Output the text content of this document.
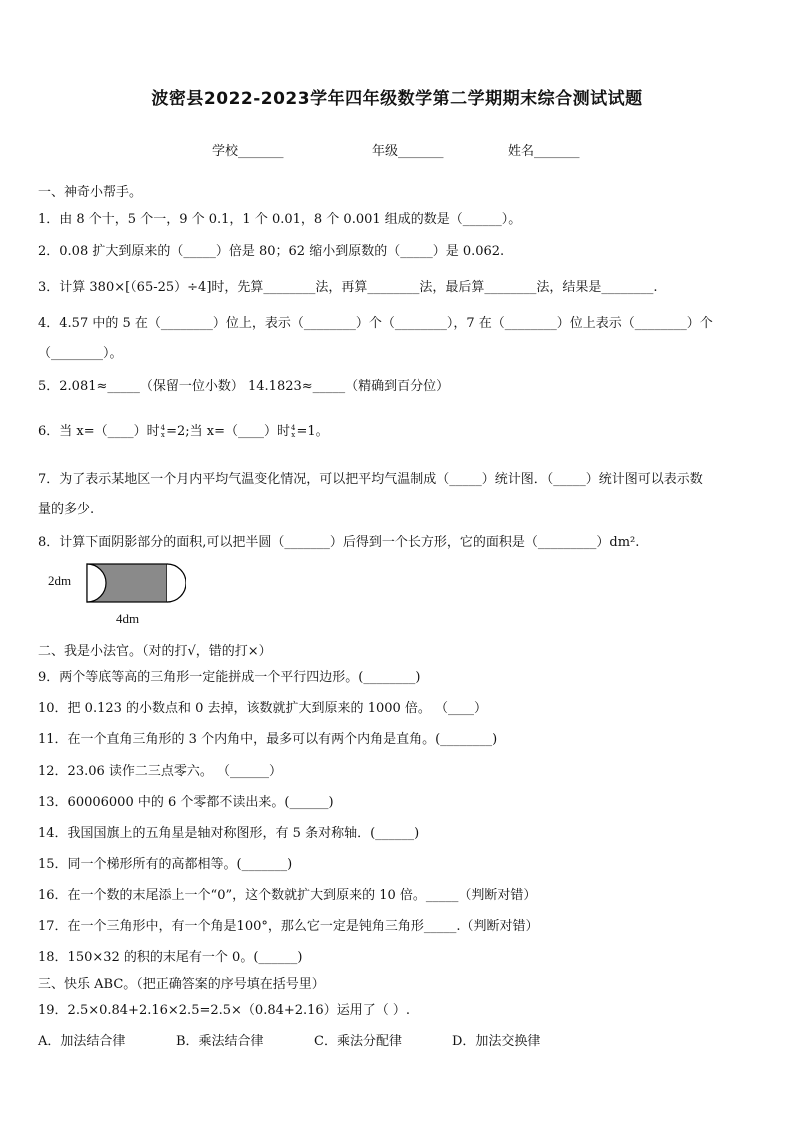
波密县2022-2023学年四年级数学第二学期期末综合测试试题
学校_______	年级_______	姓名_______
一、神奇小帮手。
1．由 8 个十，5 个一，9 个 0.1，1 个 0.01，8 个 0.001 组成的数是（______）。
2．0.08 扩大到原来的（_____）倍是 80；62 缩小到原数的（_____）是 0.062.
3．计算 380×[（65-25）÷4]时，先算________法，再算________法，最后算________法，结果是________.
4．4.57 中的 5 在（________）位上，表示（________）个（________），7 在（________）位上表示（________）个
（________）。
5．2.081≈_____（保留一位小数） 14.1823≈_____（精确到百分位）
6．当 x=（____）时 4
x =2;当 x=（____）时 4
x =1。
7．为了表示某地区一个月内平均气温变化情况，可以把平均气温制成（_____）统计图．（_____）统计图可以表示数
量的多少.
8．计算下面阴影部分的面积,可以把半圆（_______）后得到一个长方形，它的面积是（_________）dm².
2dm
4dm
二、我是小法官。（对的打√，错的打×）
9．两个等底等高的三角形一定能拼成一个平行四边形。(________)
10．把 0.123 的小数点和 0 去掉，该数就扩大到原来的 1000 倍。 （____）
11．在一个直角三角形的 3 个内角中，最多可以有两个内角是直角。(________)
12．23.06 读作二三点零六。 （______）
13．60006000 中的 6 个零都不读出来。(______)
14．我国国旗上的五角星是轴对称图形，有 5 条对称轴．(______)
15．同一个梯形所有的高都相等。(_______)
16．在一个数的末尾添上一个“0”，这个数就扩大到原来的 10 倍。_____（判断对错）
17．在一个三角形中，有一个角是100°，那么它一定是钝角三角形_____.（判断对错）
18．150×32 的积的末尾有一个 0。(______)
三、快乐 ABC。（把正确答案的序号填在括号里）
19．2.5×0.84+2.16×2.5=2.5×（0.84+2.16）运用了（ ）.
A．加法结合律	B．乘法结合律	C．乘法分配律	D．加法交换律
